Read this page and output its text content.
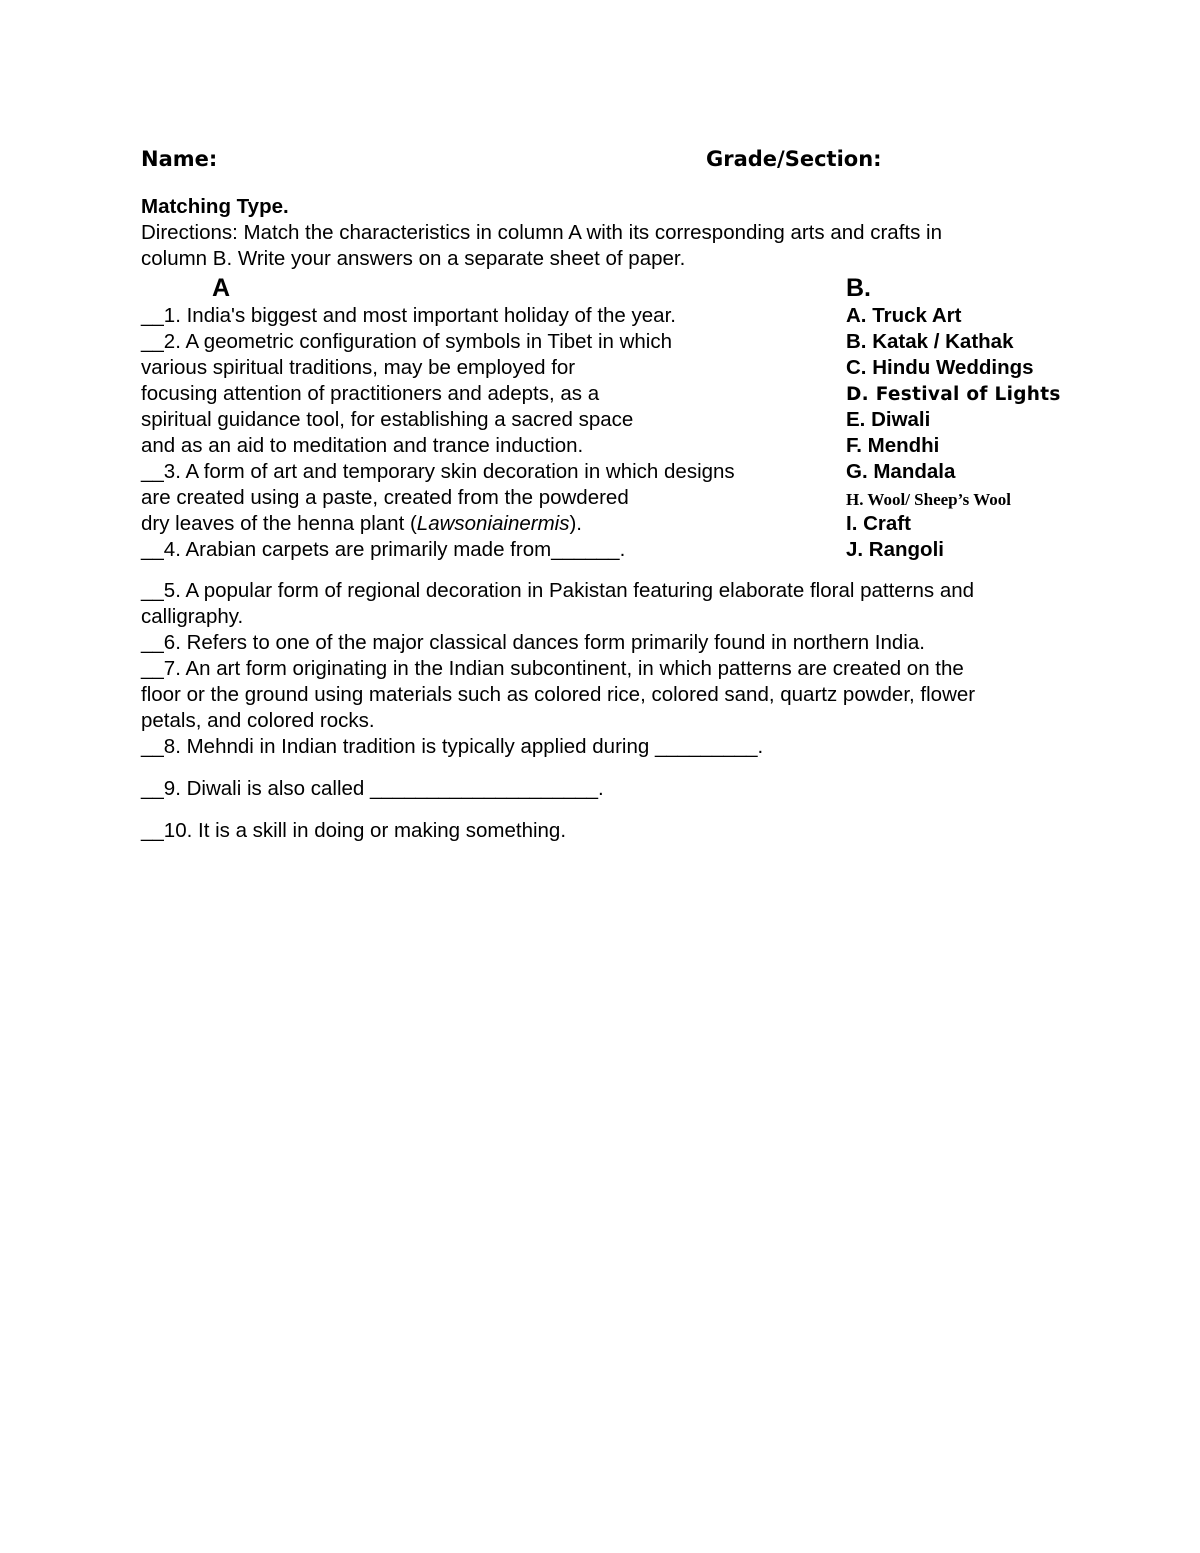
Name:	Grade/Section:
Matching Type.
Directions: Match the characteristics in column A with its corresponding arts and crafts in
column B. Write your answers on a separate sheet of paper.
A
__1. India's biggest and most important holiday of the year.
__2. A geometric configuration of symbols in Tibet in which
various spiritual traditions, may be employed for
focusing attention of practitioners and adepts, as a
spiritual guidance tool, for establishing a sacred space
and as an aid to meditation and trance induction.
__3. A form of art and temporary skin decoration in which designs
are created using a paste, created from the powdered
dry leaves of the henna plant (Lawsoniainermis).
__4. Arabian carpets are primarily made from______.
B.
A. Truck Art
B. Katak / Kathak
C. Hindu Weddings
D. Festival of Lights
E. Diwali
F. Mendhi
G. Mandala
H. Wool/ Sheep’s Wool
I. Craft
J. Rangoli
__5. A popular form of regional decoration in Pakistan featuring elaborate floral patterns and
calligraphy.
__6. Refers to one of the major classical dances form primarily found in northern India.
__7. An art form originating in the Indian subcontinent, in which patterns are created on the
floor or the ground using materials such as colored rice, colored sand, quartz powder, flower
petals, and colored rocks.
__8. Mehndi in Indian tradition is typically applied during _________.
__9. Diwali is also called ____________________.
__10. It is a skill in doing or making something.
